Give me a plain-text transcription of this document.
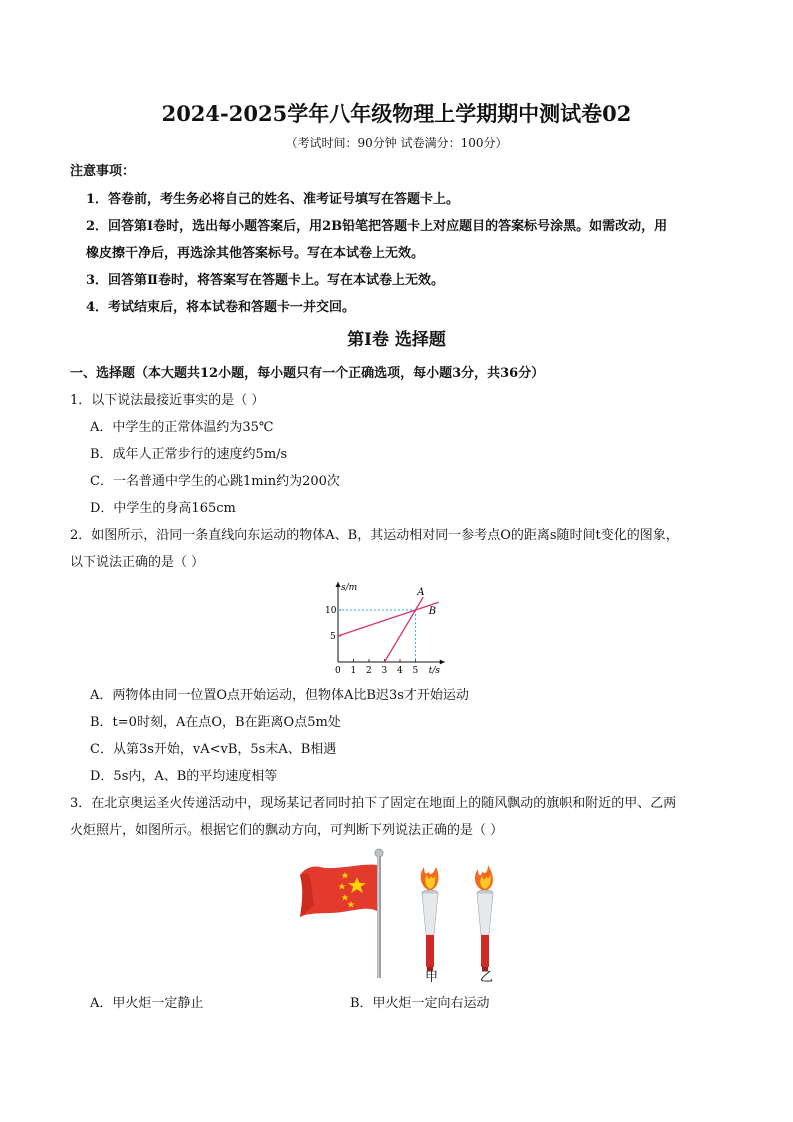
2024-2025学年八年级物理上学期期中测试卷02
（考试时间：90分钟 试卷满分：100分）
注意事项：
1．答卷前，考生务必将自己的姓名、准考证号填写在答题卡上。
2．回答第Ⅰ卷时，选出每小题答案后，用2B铅笔把答题卡上对应题目的答案标号涂黑。如需改动，用
橡皮擦干净后，再选涂其他答案标号。写在本试卷上无效。
3．回答第Ⅱ卷时，将答案写在答题卡上。写在本试卷上无效。
4．考试结束后，将本试卷和答题卡一并交回。
第Ⅰ卷 选择题
一、选择题（本大题共12小题，每小题只有一个正确选项，每小题3分，共36分）
1．以下说法最接近事实的是（ ）
A．中学生的正常体温约为35℃
B．成年人正常步行的速度约5m/s
C．一名普通中学生的心跳1min约为200次
D．中学生的身高165cm
2．如图所示，沿同一条直线向东运动的物体A、B，其运动相对同一参考点O的距离s随时间t变化的图象，
以下说法正确的是（ ）
s/m
t/s
0 1 2 3 4 5
5
10
A
B
A．两物体由同一位置O点开始运动，但物体A比B迟3s才开始运动
B．t=0时刻，A在点O，B在距离O点5m处
C．从第3s开始，vA<vB，5s末A、B相遇
D．5s内，A、B的平均速度相等
3．在北京奥运圣火传递活动中，现场某记者同时拍下了固定在地面上的随风飘动的旗帜和附近的甲、乙两
火炬照片，如图所示。根据它们的飘动方向，可判断下列说法正确的是（ ）
甲	乙
A．甲火炬一定静止	B．甲火炬一定向右运动
